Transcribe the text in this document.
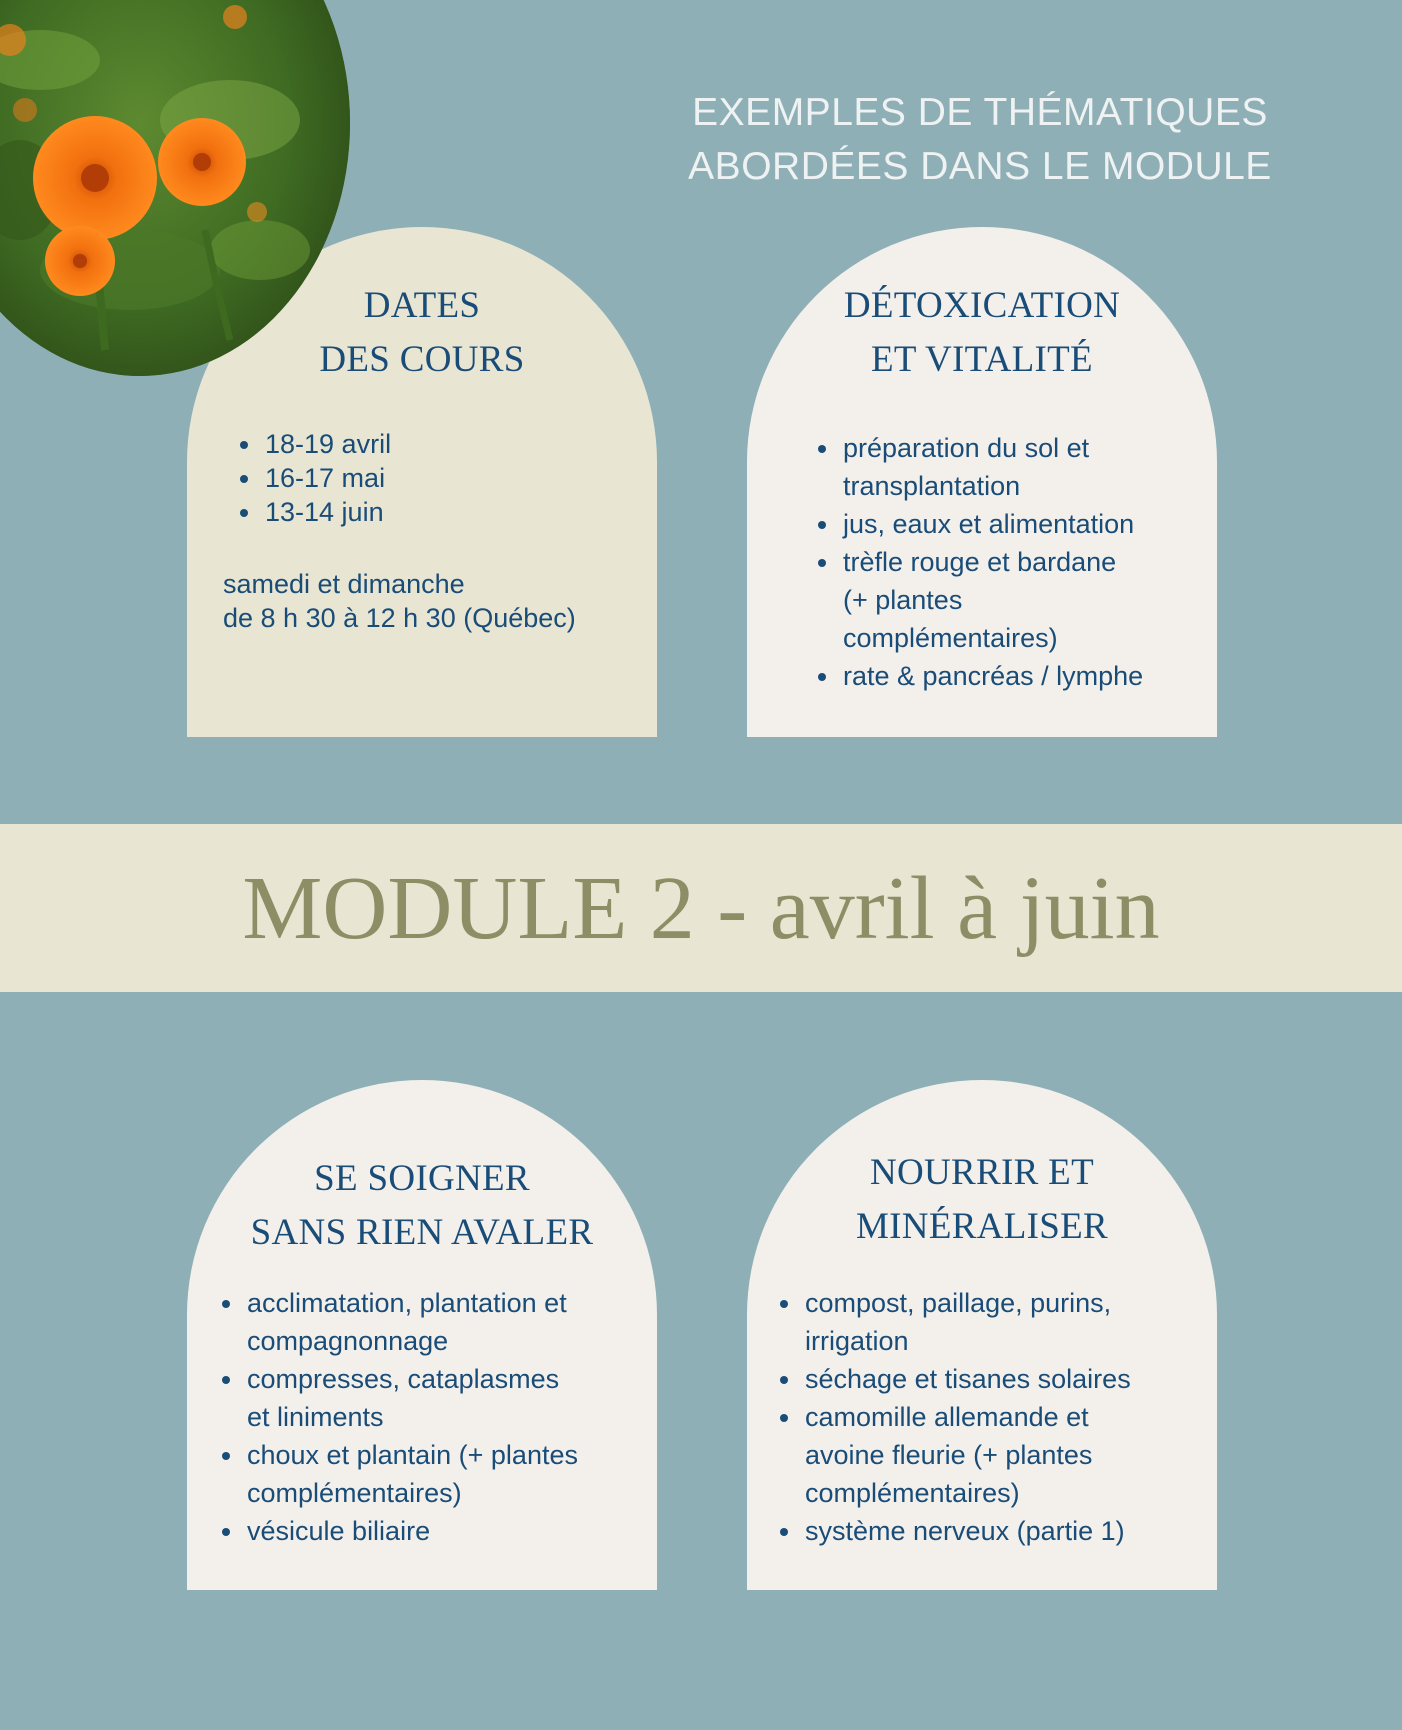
EXEMPLES DE THÉMATIQUES
ABORDÉES DANS LE MODULE
DATES
DES COURS
• 18-19 avril
• 16-17 mai
• 13-14 juin

samedi et dimanche
de 8 h 30 à 12 h 30 (Québec)

DÉTOXICATION
ET VITALITÉ
• préparation du sol et
transplantation
• jus, eaux et alimentation
• trèfle rouge et bardane
(+ plantes
complémentaires)
• rate & pancréas / lymphe
MODULE 2 - avril à juin
SE SOIGNER
SANS RIEN AVALER
• acclimatation, plantation et
compagnonnage
• compresses, cataplasmes
et liniments
• choux et plantain (+ plantes
complémentaires)
• vésicule biliaire
NOURRIR ET
MINÉRALISER
• compost, paillage, purins,
irrigation
• séchage et tisanes solaires
• camomille allemande et
avoine fleurie (+ plantes
complémentaires)
• système nerveux (partie 1)
